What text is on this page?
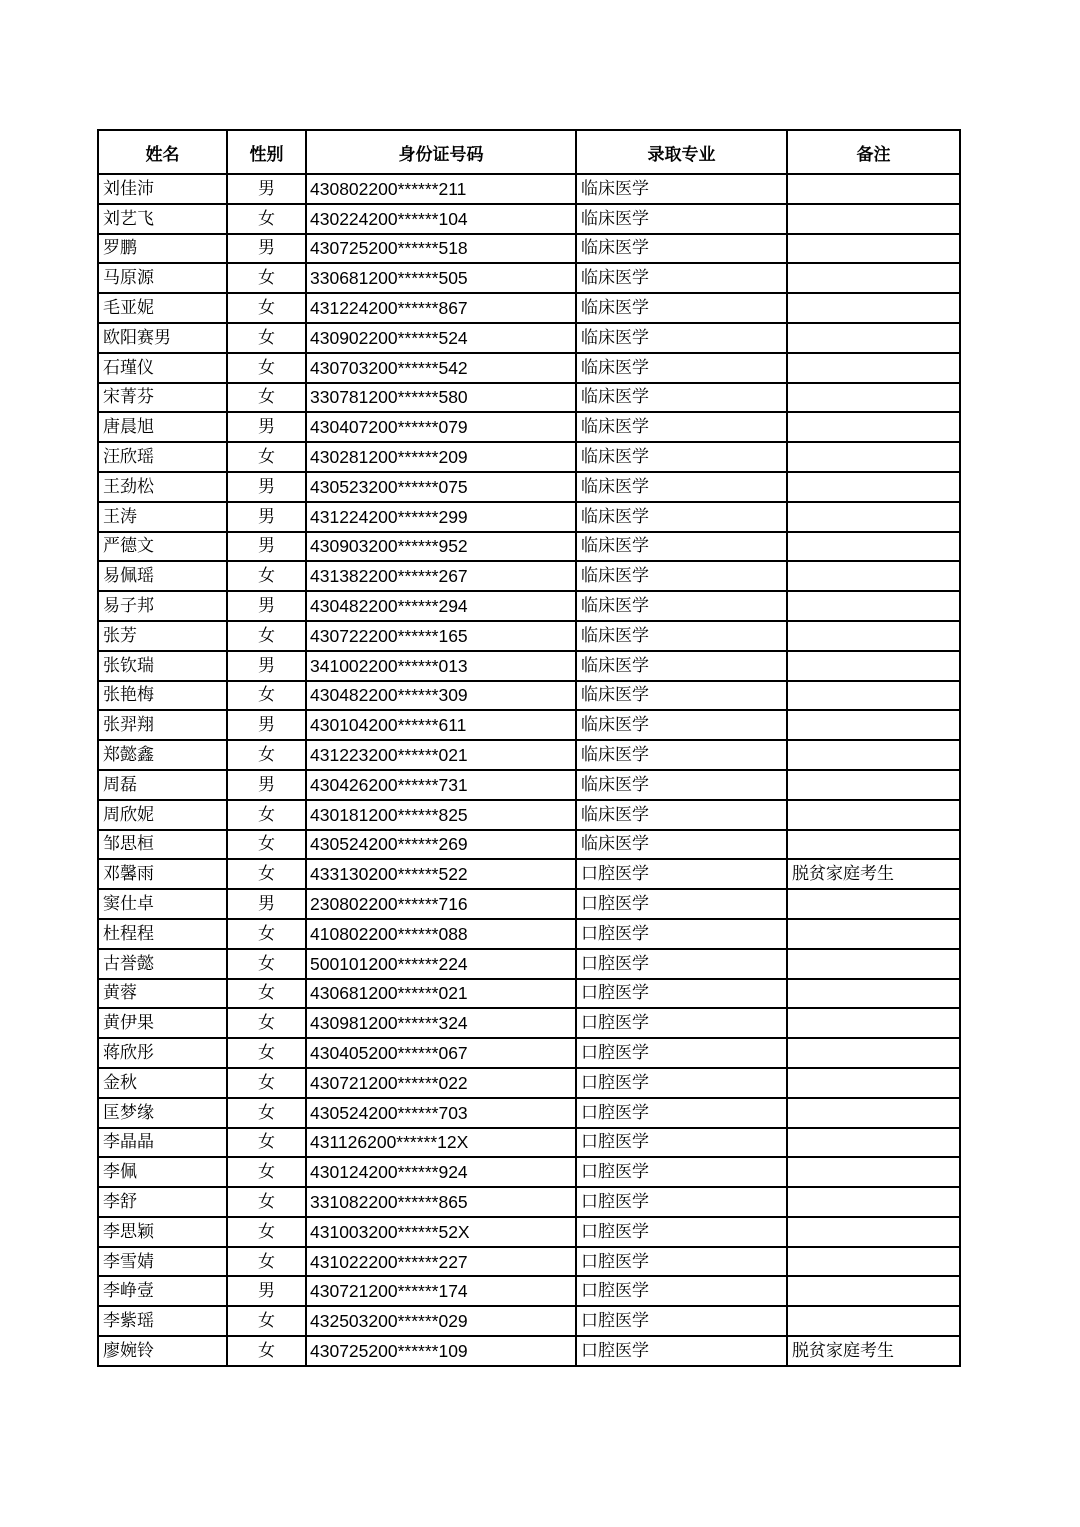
姓名	性别	身份证号码	录取专业	备注
刘佳沛	男	430802200******211	临床医学	
刘艺飞	女	430224200******104	临床医学	
罗鹏	男	430725200******518	临床医学	
马原源	女	330681200******505	临床医学	
毛亚妮	女	431224200******867	临床医学	
欧阳赛男	女	430902200******524	临床医学	
石瑾仪	女	430703200******542	临床医学	
宋菁芬	女	330781200******580	临床医学	
唐晨旭	男	430407200******079	临床医学	
汪欣瑶	女	430281200******209	临床医学	
王劲松	男	430523200******075	临床医学	
王涛	男	431224200******299	临床医学	
严德文	男	430903200******952	临床医学	
易佩瑶	女	431382200******267	临床医学	
易子邦	男	430482200******294	临床医学	
张芳	女	430722200******165	临床医学	
张钦瑞	男	341002200******013	临床医学	
张艳梅	女	430482200******309	临床医学	
张羿翔	男	430104200******611	临床医学	
郑懿鑫	女	431223200******021	临床医学	
周磊	男	430426200******731	临床医学	
周欣妮	女	430181200******825	临床医学	
邹思桓	女	430524200******269	临床医学	
邓馨雨	女	433130200******522	口腔医学	脱贫家庭考生
窦仕卓	男	230802200******716	口腔医学	
杜程程	女	410802200******088	口腔医学	
古誉懿	女	500101200******224	口腔医学	
黄蓉	女	430681200******021	口腔医学	
黄伊果	女	430981200******324	口腔医学	
蒋欣彤	女	430405200******067	口腔医学	
金秋	女	430721200******022	口腔医学	
匡梦缘	女	430524200******703	口腔医学	
李晶晶	女	431126200******12X	口腔医学	
李佩	女	430124200******924	口腔医学	
李舒	女	331082200******865	口腔医学	
李思颖	女	431003200******52X	口腔医学	
李雪婧	女	431022200******227	口腔医学	
李峥壹	男	430721200******174	口腔医学	
李紫瑶	女	432503200******029	口腔医学	
廖婉铃	女	430725200******109	口腔医学	脱贫家庭考生
